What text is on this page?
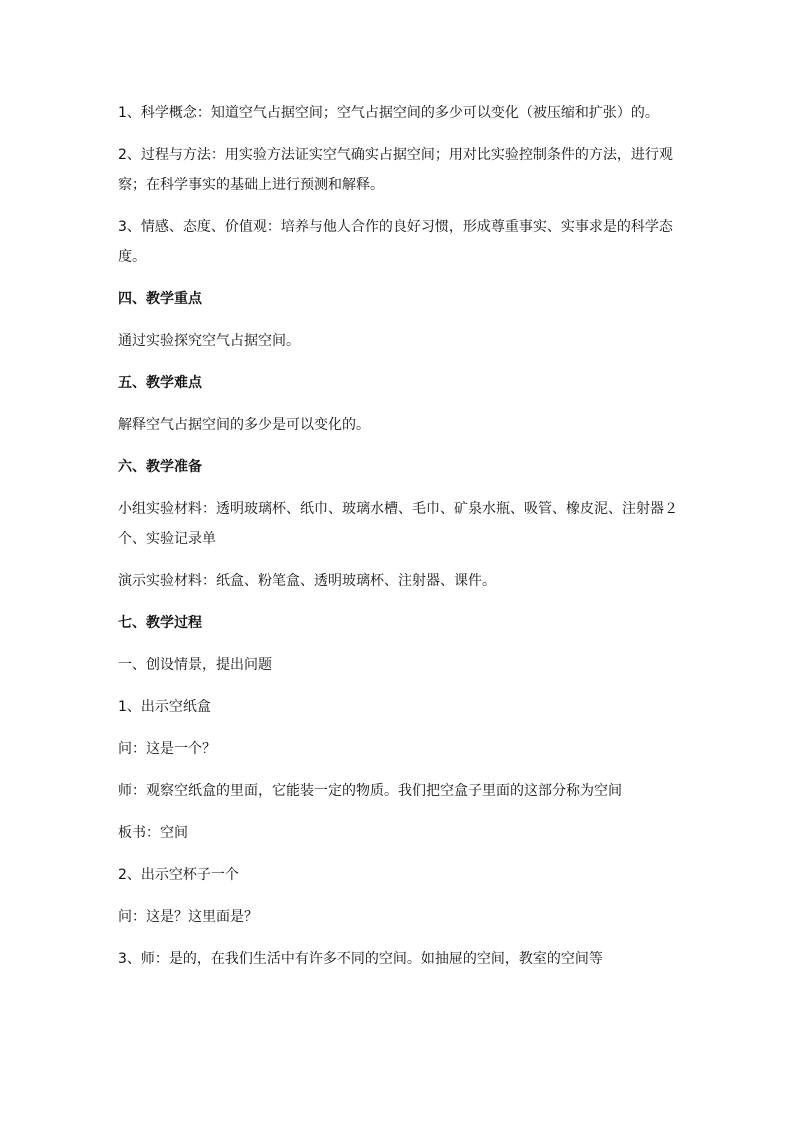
1、科学概念：知道空气占据空间；空气占据空间的多少可以变化（被压缩和扩张）的。

2、过程与方法：用实验方法证实空气确实占据空间；用对比实验控制条件的方法，进行观察；在科学事实的基础上进行预测和解释。

3、情感、态度、价值观：培养与他人合作的良好习惯，形成尊重事实、实事求是的科学态度。

四、教学重点

通过实验探究空气占据空间。

五、教学难点

解释空气占据空间的多少是可以变化的。

六、教学准备

小组实验材料：透明玻璃杯、纸巾、玻璃水槽、毛巾、矿泉水瓶、吸管、橡皮泥、注射器２个、实验记录单

演示实验材料：纸盒、粉笔盒、透明玻璃杯、注射器、课件。

七、教学过程

一、创设情景，提出问题

1、出示空纸盒

问：这是一个？

师：观察空纸盒的里面，它能装一定的物质。我们把空盒子里面的这部分称为空间

板书：空间

2、出示空杯子一个

问：这是？这里面是？

3、师：是的，在我们生活中有许多不同的空间。如抽屉的空间，教室的空间等
